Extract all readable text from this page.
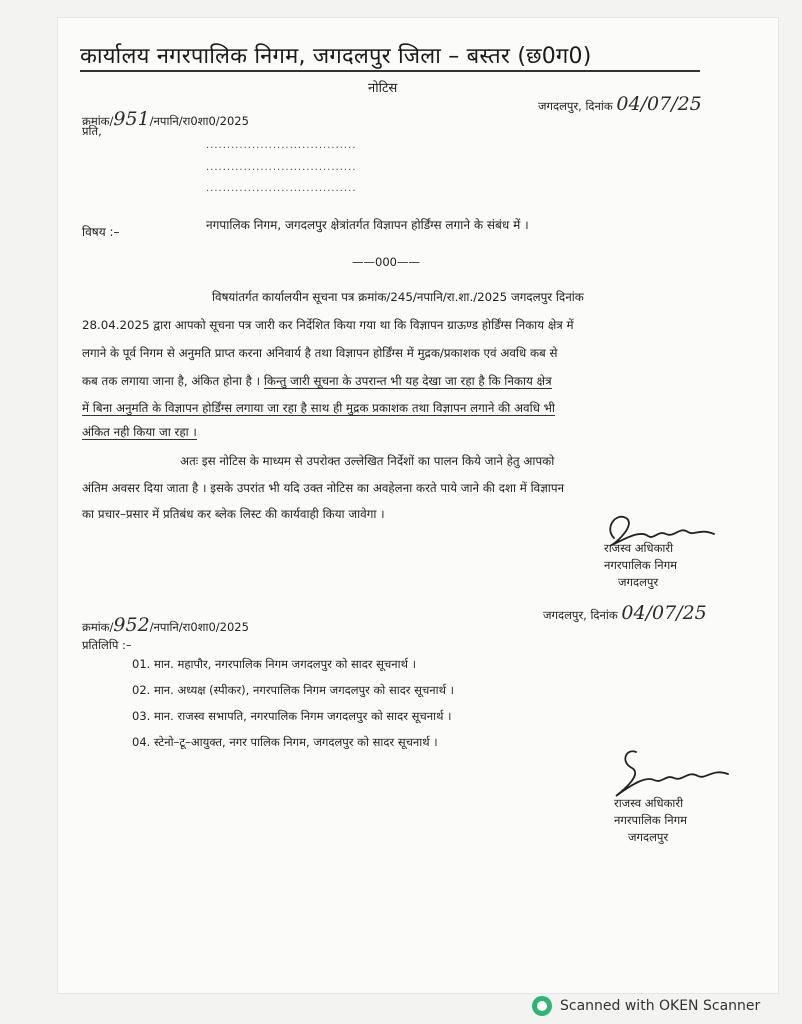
कार्यालय नगरपालिक निगम, जगदलपुर जिला – बस्तर (छ0ग0)
नोटिस
क्रमांक/951/नपानि/रा0शा0/2025
जगदलपुर, दिनांक 04/07/25
प्रति,
....................................
....................................
....................................
विषय :–	नगपालिक निगम, जगदलपुर क्षेत्रांतर्गत विज्ञापन होर्डिंग्स लगाने के संबंध में ।
——000——
विषयांतर्गत कार्यालयीन सूचना पत्र क्रमांक/245/नपानि/रा.शा./2025 जगदलपुर दिनांक
28.04.2025 द्वारा आपको सूचना पत्र जारी कर निर्देशित किया गया था कि विज्ञापन ग्राऊण्ड होर्डिंग्स निकाय क्षेत्र में
लगाने के पूर्व निगम से अनुमति प्राप्त करना अनिवार्य है तथा विज्ञापन होर्डिंग्स में मुद्रक/प्रकाशक एवं अवधि कब से
कब तक लगाया जाना है, अंकित होना है । किन्तु जारी सूचना के उपरान्त भी यह देखा जा रहा है कि निकाय क्षेत्र
में बिना अनुमति के विज्ञापन होर्डिंग्स लगाया जा रहा है साथ ही मुद्रक प्रकाशक तथा विज्ञापन लगाने की अवधि भी
अंकित नही किया जा रहा ।
अतः इस नोटिस के माध्यम से उपरोक्त उल्लेखित निर्देशों का पालन किये जाने हेतु आपको
अंतिम अवसर दिया जाता है । इसके उपरांत भी यदि उक्त नोटिस का अवहेलना करते पाये जाने की दशा में विज्ञापन
का प्रचार–प्रसार में प्रतिबंध कर ब्लेक लिस्ट की कार्यवाही किया जावेगा ।
राजस्व अधिकारी
नगरपालिक निगम
जगदलपुर
क्रमांक/952/नपानि/रा0शा0/2025
जगदलपुर, दिनांक 04/07/25
प्रतिलिपि :–
01. मान. महापौर, नगरपालिक निगम जगदलपुर को सादर सूचनार्थ ।
02. मान. अध्यक्ष (स्पीकर), नगरपालिक निगम जगदलपुर को सादर सूचनार्थ ।
03. मान. राजस्व सभापति, नगरपालिक निगम जगदलपुर को सादर सूचनार्थ ।
04. स्टेनो–टू–आयुक्त, नगर पालिक निगम, जगदलपुर को सादर सूचनार्थ ।
राजस्व अधिकारी
नगरपालिक निगम
जगदलपुर
Scanned with OKEN Scanner
